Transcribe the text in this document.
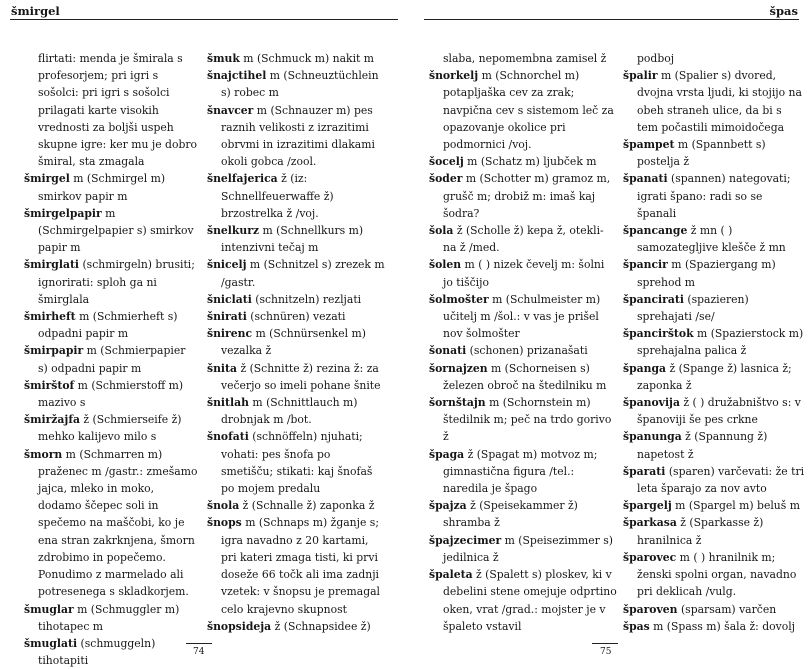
šmirgel
flirtati: menda je šmirala s profesorjem; pri igri s sošolci: pri igri s sošolci prilagati karte visokih vrednosti za boljši uspeh skupne igre: ker mu je dobro šmiral, sta zmagala
šmirgel m (Schmirgel m) smirkov papir m
šmirgelpapir m (Schmirgelpapier s) smirkov papir m
šmirglati (schmirgeln) brusiti; ignorirati: sploh ga ni šmirglala
šmirheft m (Schmierheft s) odpadni papir m
šmirpapir m (Schmierpapier s) odpadni papir m
šmirštof m (Schmierstoff m) mazivo s
šmiržajfa ž (Schmierseife ž) mehko kalijevo milo s
šmorn m (Schmarren m) praženec m /gastr.: zmešamo jajca, mleko in moko, dodamo ščepec soli in spečemo na maščobi, ko je ena stran zakrknjena, šmorn zdrobimo in popečemo. Ponudimo z marmelado ali potresenega s skladkorjem.
šmuglar m (Schmuggler m) tihotapec m
šmuglati (schmuggeln) tihotapiti
šmuk m (Schmuck m) nakit m
šnajctihel m (Schneuztüchlein s) robec m
šnavcer m (Schnauzer m) pes raznih velikosti z izrazitimi obrvmi in izrazitimi dlakami okoli gobca /zool.
šnelfajerica ž (iz: Schnellfeuerwaffe ž) brzostrelka ž /voj.
šnelkurz m (Schnellkurs m) intenzivni tečaj m
šnicelj m (Schnitzel s) zrezek m /gastr.
šniclati (schnitzeln) rezljati
šnirati (schnüren) vezati
šnirenc m (Schnürsenkel m) vezalka ž
šnita ž (Schnitte ž) rezina ž: za večerjo so imeli pohane šnite
šnitlah m (Schnittlauch m) drobnjak m /bot.
šnofati (schnöffeln) njuhati; vohati: pes šnofa po smetišču; stikati: kaj šnofaš po mojem predalu
šnola ž (Schnalle ž) zaponka ž
šnops m (Schnaps m) žganje s; igra navadno z 20 kartami, pri kateri zmaga tisti, ki prvi doseže 66 točk ali ima zadnji vzetek: v šnopsu je premagal celo krajevno skupnost
šnopsideja ž (Schnapsidee ž)
74
špas
slaba, nepomembna zamisel ž
šnorkelj m (Schnorchel m) potapljaška cev za zrak; navpična cev s sistemom leč za opazovanje okolice pri podmornici /voj.
šocelj m (Schatz m) ljubček m
šoder m (Schotter m) gramoz m, grušč m; drobiž m: imaš kaj šodra?
šola ž (Scholle ž) kepa ž, otekli-na ž /med.
šolen m ( ) nizek čevelj m: šolni jo tiščijo
šolmošter m (Schulmeister m) učitelj m /šol.: v vas je prišel nov šolmošter
šonati (schonen) prizanašati
šornajzen m (Schorneisen s) železen obroč na štedilniku m
šornštajn m (Schornstein m) štedilnik m; peč na trdo gorivo ž
špaga ž (Spagat m) motvoz m; gimnastična figura /tel.: naredila je špago
špajza ž (Speisekammer ž) shramba ž
špajzecimer m (Speisezimmer s) jedilnica ž
špaleta ž (Spalett s) ploskev, ki v debelini stene omejuje odprtino oken, vrat /grad.: mojster je v špaleto vstavil
podboj
špalir m (Spalier s) dvored, dvojna vrsta ljudi, ki stojijo na obeh straneh ulice, da bi s tem počastili mimoidočega
špampet m (Spannbett s) posteljа ž
španati (spannen) nategovati; igrati špano: radi so se španali
špancange ž mn ( ) samozategljive klešče ž mn
špancir m (Spaziergang m) sprehod m
špancirati (spazieren) sprehajati /se/
špancirštok m (Spazierstock m) sprehajalna palica ž
španga ž (Spange ž) lasnica ž; zaponka ž
španovija ž ( ) družabništvo s: v španoviji še pes crkne
španunga ž (Spannung ž) napetost ž
šparati (sparen) varčevati: že tri leta šparajo za nov avto
špargelj m (Spargel m) beluš m
šparkasa ž (Sparkasse ž) hranilnica ž
šparovec m ( ) hranilnik m; ženski spolni organ, navadno pri deklicah /vulg.
šparoven (sparsam) varčen
špas m (Spass m) šala ž: dovolj
75
